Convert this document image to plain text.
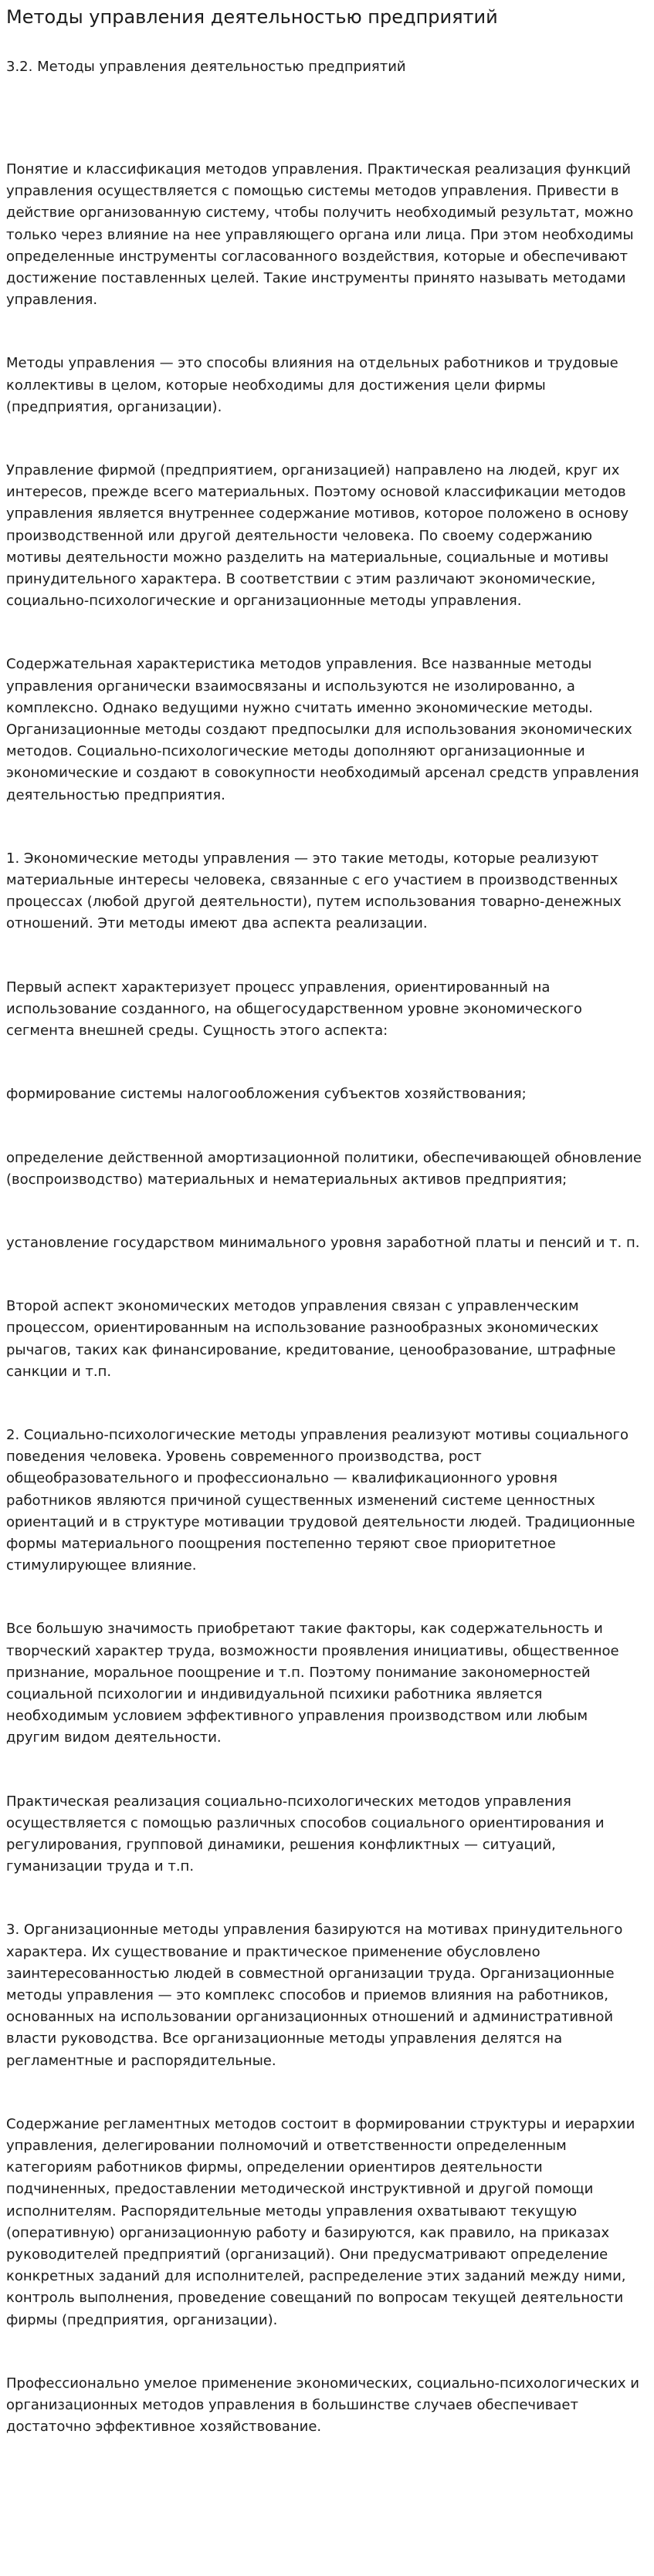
Методы управления деятельностью предприятий
3.2. Методы управления деятельностью предприятий

Понятие и классификация методов управления. Практическая реализация функций управления осуществляется с помощью системы методов управления. Привести в действие организованную систему, чтобы получить необходимый результат, можно только через влияние на нее управляющего органа или лица. При этом необходимы определенные инструменты согласованного воздействия, которые и обеспечивают достижение поставленных целей. Такие инструменты принято называть методами управления.

Методы управления — это способы влияния на отдельных работников и трудовые коллективы в целом, которые необходимы для достижения цели фирмы (предприятия, организации).

Управление фирмой (предприятием, организацией) направлено на людей, круг их интересов, прежде всего материальных. Поэтому основой классификации методов управления является внутреннее содержание мотивов, которое положено в основу производственной или другой деятельности человека. По своему содержанию мотивы деятельности можно разделить на материальные, социальные и мотивы принудительного характера. В соответствии с этим различают экономические, социально-психологические и организационные методы управления.

Содержательная характеристика методов управления. Все названные методы управления органически взаимосвязаны и используются не изолированно, а комплексно. Однако ведущими нужно считать именно экономические методы. Организационные методы создают предпосылки для использования экономических методов. Социально-психологические методы дополняют организационные и экономические и создают в совокупности необходимый арсенал средств управления деятельностью предприятия.

1. Экономические методы управления — это такие методы, которые реализуют материальные интересы человека, связанные с его участием в производственных процессах (любой другой деятельности), путем использования товарно-денежных отношений. Эти методы имеют два аспекта реализации.

Первый аспект характеризует процесс управления, ориентированный на использование созданного, на общегосударственном уровне экономического сегмента внешней среды. Сущность этого аспекта:

формирование системы налогообложения субъектов хозяйствования;

определение действенной амортизационной политики, обеспечивающей обновление (воспроизводство) материальных и нематериальных активов предприятия;

установление государством минимального уровня заработной платы и пенсий и т. п.

Второй аспект экономических методов управления связан с управленческим процессом, ориентированным на использование разнообразных экономических рычагов, таких как финансирование, кредитование, ценообразование, штрафные санкции и т.п.

2. Социально-психологические методы управления реализуют мотивы социального поведения человека. Уровень современного производства, рост общеобразовательного и профессионально — квалификационного уровня работников являются причиной существенных изменений системе ценностных ориентаций и в структуре мотивации трудовой деятельности людей. Традиционные формы материального поощрения постепенно теряют свое приоритетное стимулирующее влияние.

Все большую значимость приобретают такие факторы, как содержательность и творческий характер труда, возможности проявления инициативы, общественное признание, моральное поощрение и т.п. Поэтому понимание закономерностей социальной психологии и индивидуальной психики работника является необходимым условием эффективного управления производством или любым другим видом деятельности.

Практическая реализация социально-психологических методов управления осуществляется с помощью различных способов социального ориентирования и регулирования, групповой динамики, решения конфликтных — ситуаций, гуманизации труда и т.п.

3. Организационные методы управления базируются на мотивах принудительного характера. Их существование и практическое применение обусловлено заинтересованностью людей в совместной организации труда. Организационные методы управления — это комплекс способов и приемов влияния на работников, основанных на использовании организационных отношений и административной власти руководства. Все организационные методы управления делятся на регламентные и распорядительные.

Содержание регламентных методов состоит в формировании структуры и иерархии управления, делегировании полномочий и ответственности определенным категориям работников фирмы, определении ориентиров деятельности подчиненных, предоставлении методической инструктивной и другой помощи исполнителям. Распорядительные методы управления охватывают текущую (оперативную) организационную работу и базируются, как правило, на приказах руководителей предприятий (организаций). Они предусматривают определение конкретных заданий для исполнителей, распределение этих заданий между ними, контроль выполнения, проведение совещаний по вопросам текущей деятельности фирмы (предприятия, организации).

Профессионально умелое применение экономических, социально-психологических и организационных методов управления в большинстве случаев обеспечивает достаточно эффективное хозяйствование.
